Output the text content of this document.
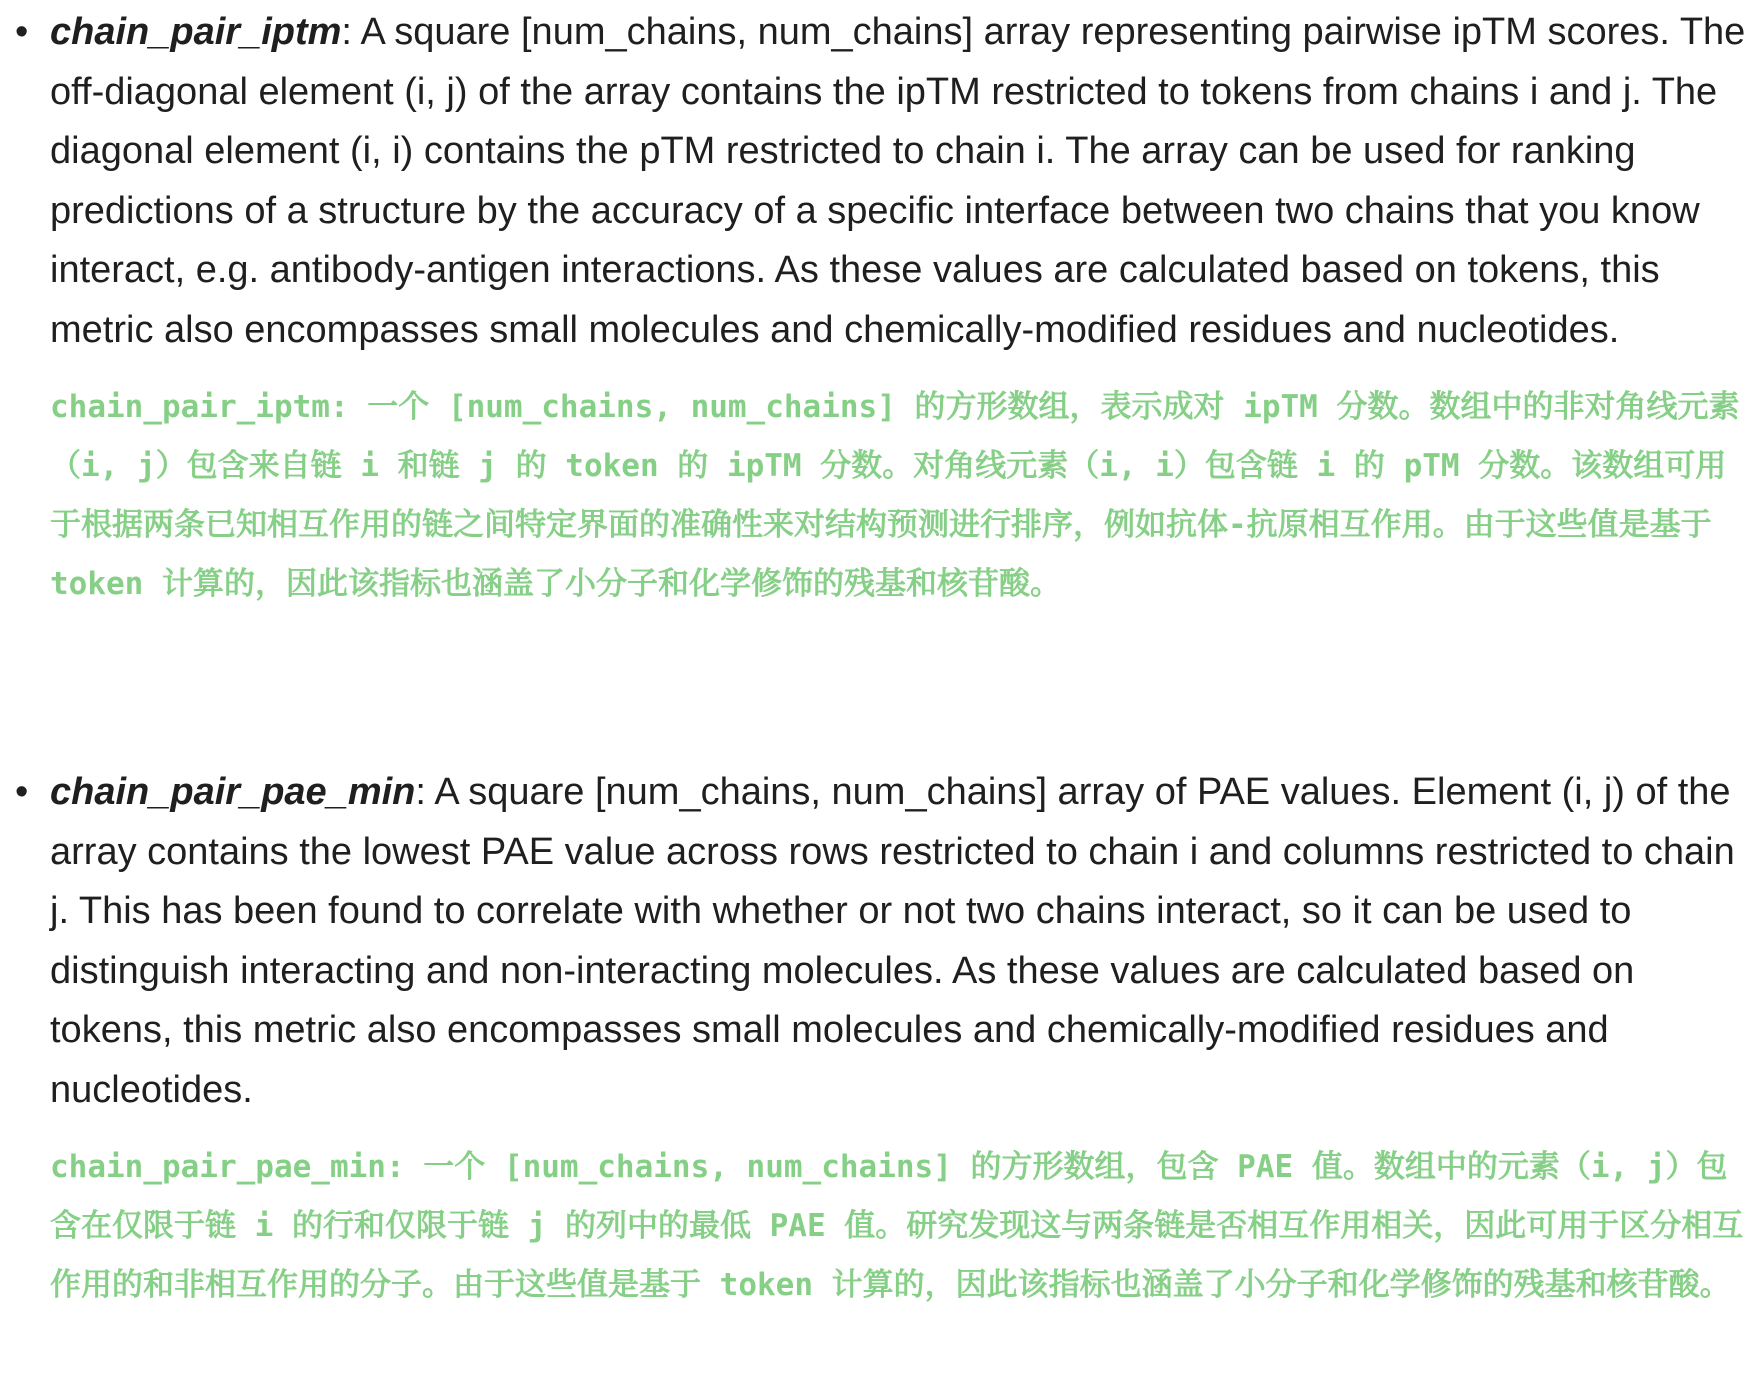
• chain_pair_iptm: A square [num_chains, num_chains] array representing pairwise ipTM scores. The off-diagonal element (i, j) of the array contains the ipTM restricted to tokens from chains i and j. The diagonal element (i, i) contains the pTM restricted to chain i. The array can be used for ranking predictions of a structure by the accuracy of a specific interface between two chains that you know interact, e.g. antibody-antigen interactions. As these values are calculated based on tokens, this metric also encompasses small molecules and chemically-modified residues and nucleotides.

chain_pair_iptm: 一个 [num_chains, num_chains] 的方形数组，表示成对 ipTM 分数。数组中的非对角线元素（i, j）包含来自链 i 和链 j 的 token 的 ipTM 分数。对角线元素（i, i）包含链 i 的 pTM 分数。该数组可用于根据两条已知相互作用的链之间特定界面的准确性来对结构预测进行排序，例如抗体-抗原相互作用。由于这些值是基于 token 计算的，因此该指标也涵盖了小分子和化学修饰的残基和核苷酸。

• chain_pair_pae_min: A square [num_chains, num_chains] array of PAE values. Element (i, j) of the array contains the lowest PAE value across rows restricted to chain i and columns restricted to chain j. This has been found to correlate with whether or not two chains interact, so it can be used to distinguish interacting and non-interacting molecules. As these values are calculated based on tokens, this metric also encompasses small molecules and chemically-modified residues and nucleotides.

chain_pair_pae_min: 一个 [num_chains, num_chains] 的方形数组，包含 PAE 值。数组中的元素（i, j）包含在仅限于链 i 的行和仅限于链 j 的列中的最低 PAE 值。研究发现这与两条链是否相互作用相关，因此可用于区分相互作用的和非相互作用的分子。由于这些值是基于 token 计算的，因此该指标也涵盖了小分子和化学修饰的残基和核苷酸。
